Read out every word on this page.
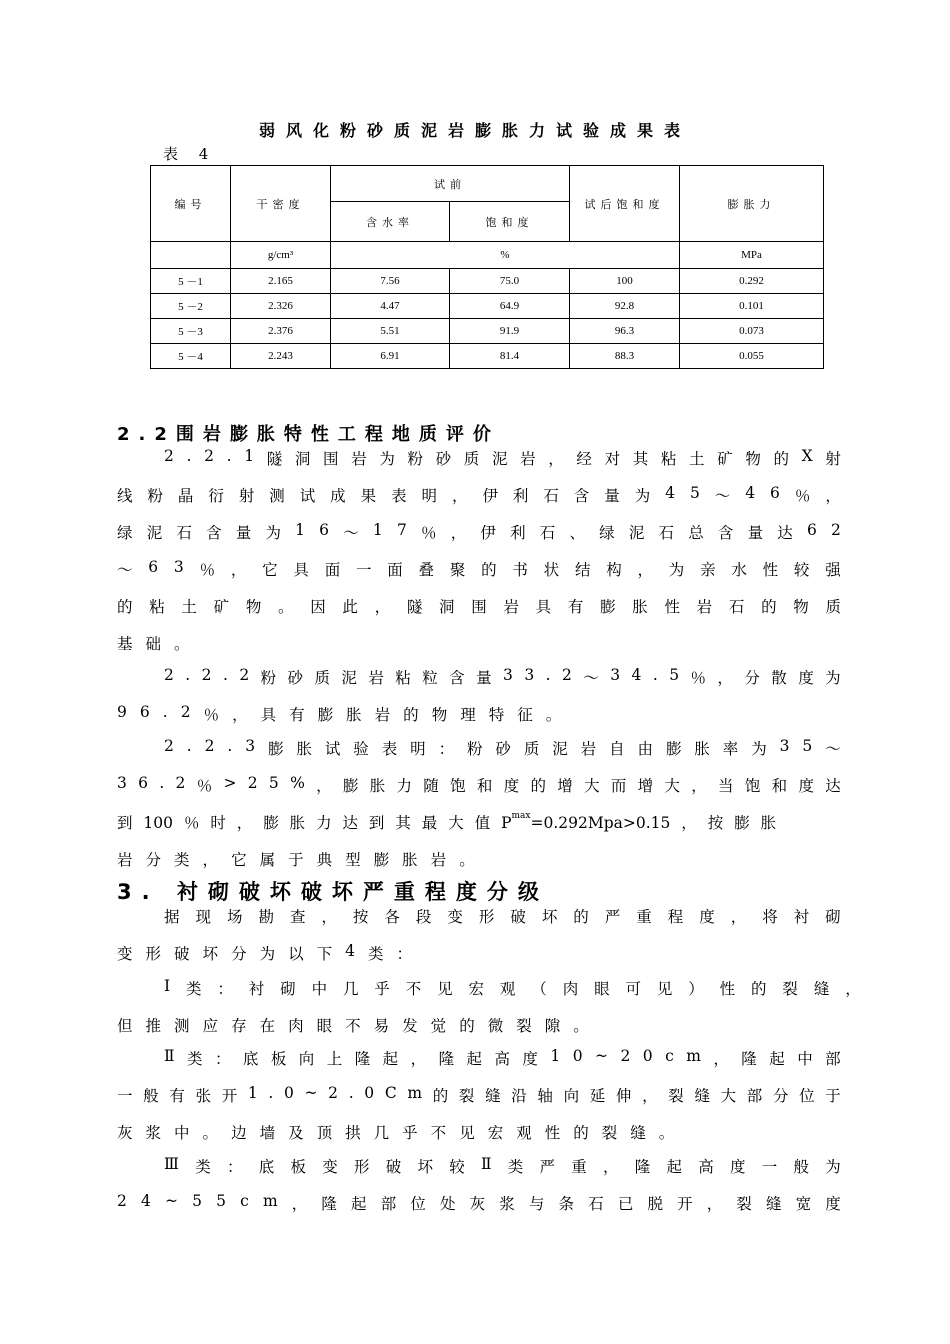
弱风化粉砂质泥岩膨胀力试验成果表
表 4
编号	干密度	试前		试后饱和度	膨胀力
		含水率	饱和度		
	g/cm³	%			MPa
5 －1	2.165	7.56	75.0	100	0.292
5 －2	2.326	4.47	64.9	92.8	0.101
5 －3	2.376	5.51	91.9	96.3	0.073
5 －4	2.243	6.91	81.4	88.3	0.055
2.2围岩膨胀特性工程地质评价
2 . 2 . 1 隧 洞 围 岩 为 粉 砂 质 泥 岩 ， 经 对 其 粘 土 矿 物 的 X 射
线 粉 晶 衍 射 测 试 成 果 表 明 ， 伊 利 石 含 量 为 4 5 ～ 4 6 ％ ，
绿 泥 石 含 量 为 1 6 ～ 1 7 ％ ， 伊 利 石 、 绿 泥 石 总 含 量 达 6 2
～ 6 3 ％ ， 它 具 面 一 面 叠 聚 的 书 状 结 构 ， 为 亲 水 性 较 强
的 粘 土 矿 物 。 因 此 ， 隧 洞 围 岩 具 有 膨 胀 性 岩 石 的 物 质
基 础 。
2 . 2 . 2 粉 砂 质 泥 岩 粘 粒 含 量 3 3 . 2 ～ 3 4 . 5 ％ ， 分 散 度 为
9 6 . 2 ％ ， 具 有 膨 胀 岩 的 物 理 特 征 。
2 . 2 . 3 膨 胀 试 验 表 明 ： 粉 砂 质 泥 岩 自 由 膨 胀 率 为 3 5 ～
3 6 . 2 ％ > 2 5 % ， 膨 胀 力 随 饱 和 度 的 增 大 而 增 大 ， 当 饱 和 度 达
到 100 ％ 时 ， 膨 胀 力 达 到 其 最 大 值 P max =0.292Mpa>0.15 ， 按 膨 胀
岩 分 类 ， 它 属 于 典 型 膨 胀 岩 。
3. 衬砌破坏破坏严重程度分级
据 现 场 勘 查 ， 按 各 段 变 形 破 坏 的 严 重 程 度 ， 将 衬 砌
变 形 破 坏 分 为 以 下 4 类 ：
Ⅰ 类 ： 衬 砌 中 几 乎 不 见 宏 观 （ 肉 眼 可 见 ） 性 的 裂 缝 ，
但 推 测 应 存 在 肉 眼 不 易 发 觉 的 微 裂 隙 。
Ⅱ 类 ： 底 板 向 上 隆 起 ， 隆 起 高 度 1 0 ~ 2 0 c m ， 隆 起 中 部
一 般 有 张 开 1 . 0 ~ 2 . 0 C m 的 裂 缝 沿 轴 向 延 伸 ， 裂 缝 大 部 分 位 于
灰 浆 中 。 边 墙 及 顶 拱 几 乎 不 见 宏 观 性 的 裂 缝 。
Ⅲ 类 ： 底 板 变 形 破 坏 较 Ⅱ 类 严 重 ， 隆 起 高 度 一 般 为
2 4 ~ 5 5 c m ， 隆 起 部 位 处 灰 浆 与 条 石 已 脱 开 ， 裂 缝 宽 度
